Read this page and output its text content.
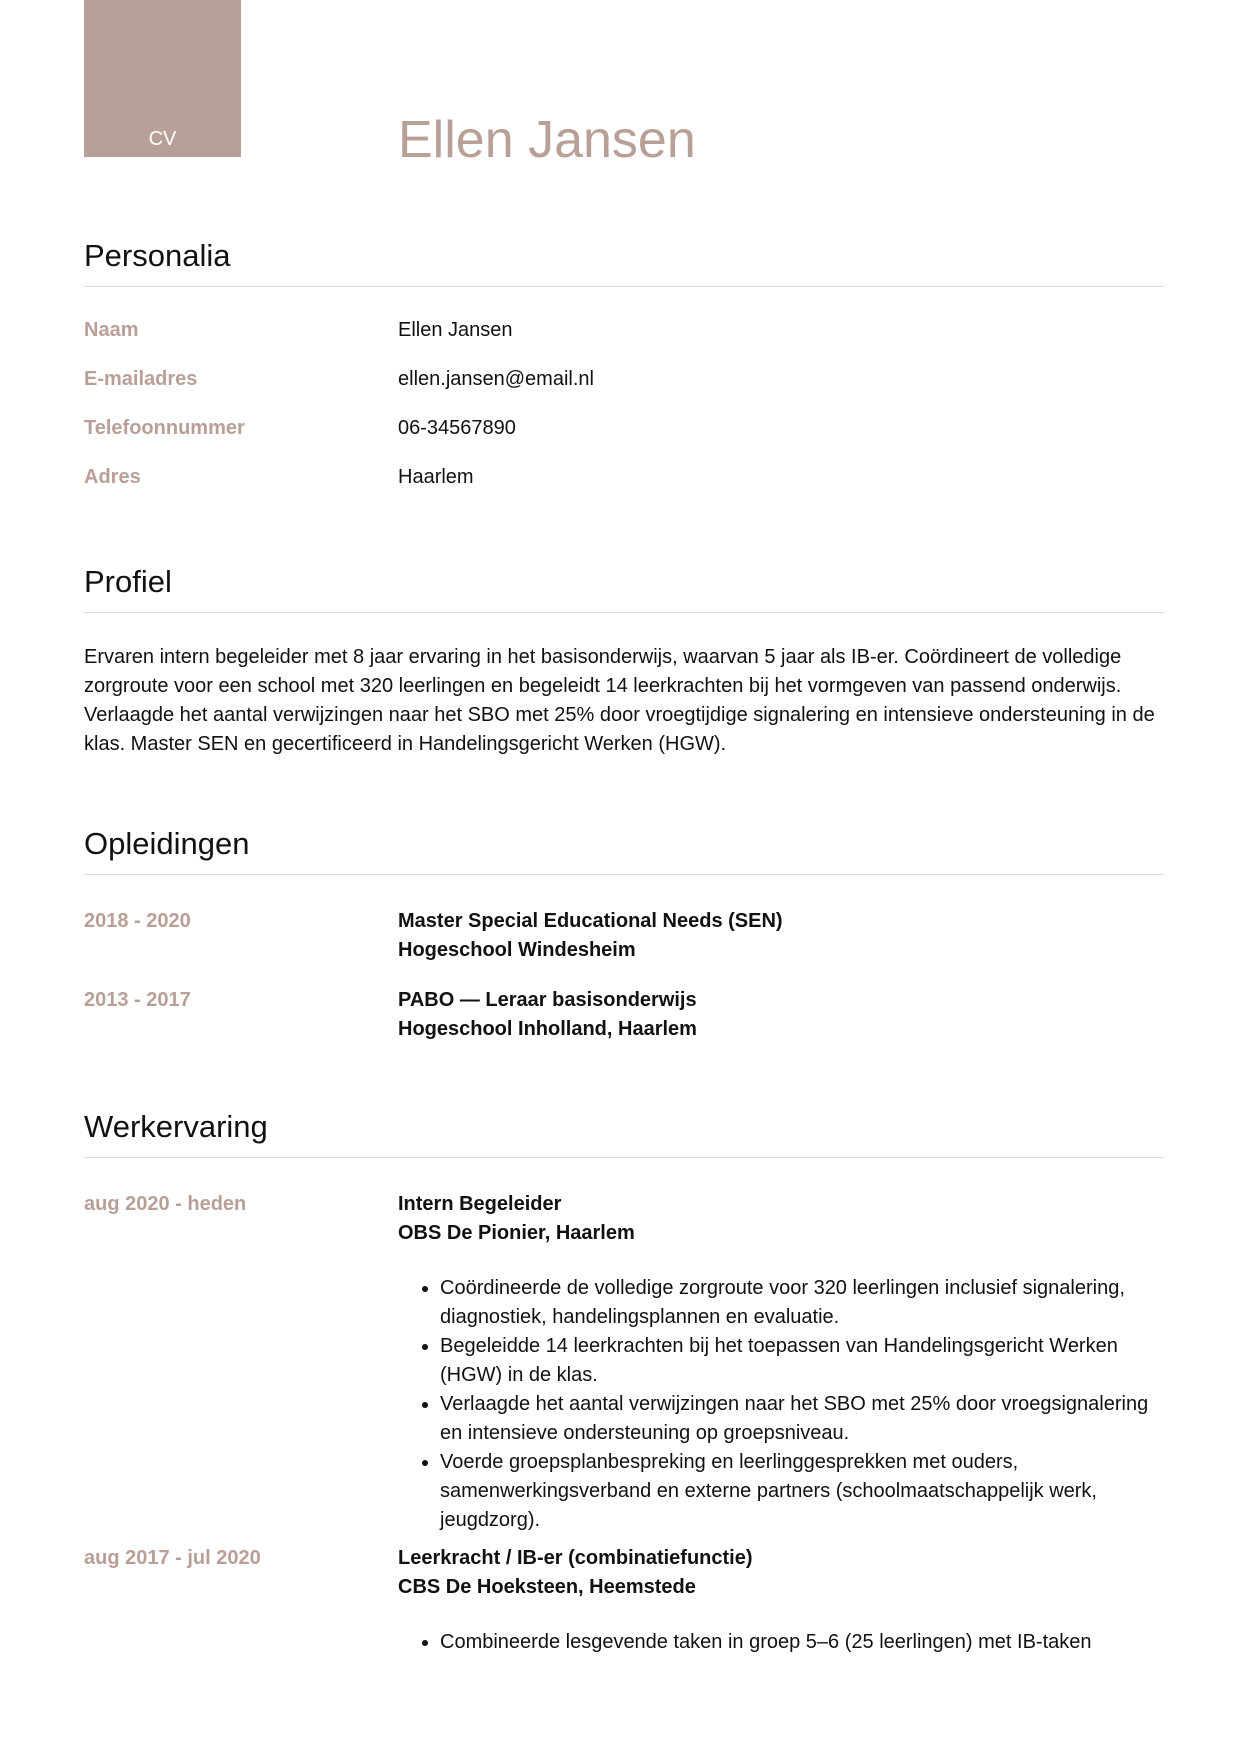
CV	Ellen Jansen
Personalia
Naam	Ellen Jansen
E-mailadres	ellen.jansen@email.nl
Telefoonnummer	06-34567890
Adres	Haarlem
Profiel
Ervaren intern begeleider met 8 jaar ervaring in het basisonderwijs, waarvan 5 jaar als IB-er. Coördineert de volledige zorgroute voor een school met 320 leerlingen en begeleidt 14 leerkrachten bij het vormgeven van passend onderwijs. Verlaagde het aantal verwijzingen naar het SBO met 25% door vroegtijdige signalering en intensieve ondersteuning in de klas. Master SEN en gecertificeerd in Handelingsgericht Werken (HGW).
Opleidingen
2018 - 2020	Master Special Educational Needs (SEN)
Hogeschool Windesheim
2013 - 2017	PABO — Leraar basisonderwijs
Hogeschool Inholland, Haarlem
Werkervaring
aug 2020 - heden	Intern Begeleider
OBS De Pionier, Haarlem
• Coördineerde de volledige zorgroute voor 320 leerlingen inclusief signalering, diagnostiek, handelingsplannen en evaluatie.
• Begeleidde 14 leerkrachten bij het toepassen van Handelingsgericht Werken (HGW) in de klas.
• Verlaagde het aantal verwijzingen naar het SBO met 25% door vroegsignalering en intensieve ondersteuning op groepsniveau.
• Voerde groepsplanbespreking en leerlinggesprekken met ouders, samenwerkingsverband en externe partners (schoolmaatschappelijk werk, jeugdzorg).
aug 2017 - jul 2020	Leerkracht / IB-er (combinatiefunctie)
CBS De Hoeksteen, Heemstede
• Combineerde lesgevende taken in groep 5–6 (25 leerlingen) met IB-taken
